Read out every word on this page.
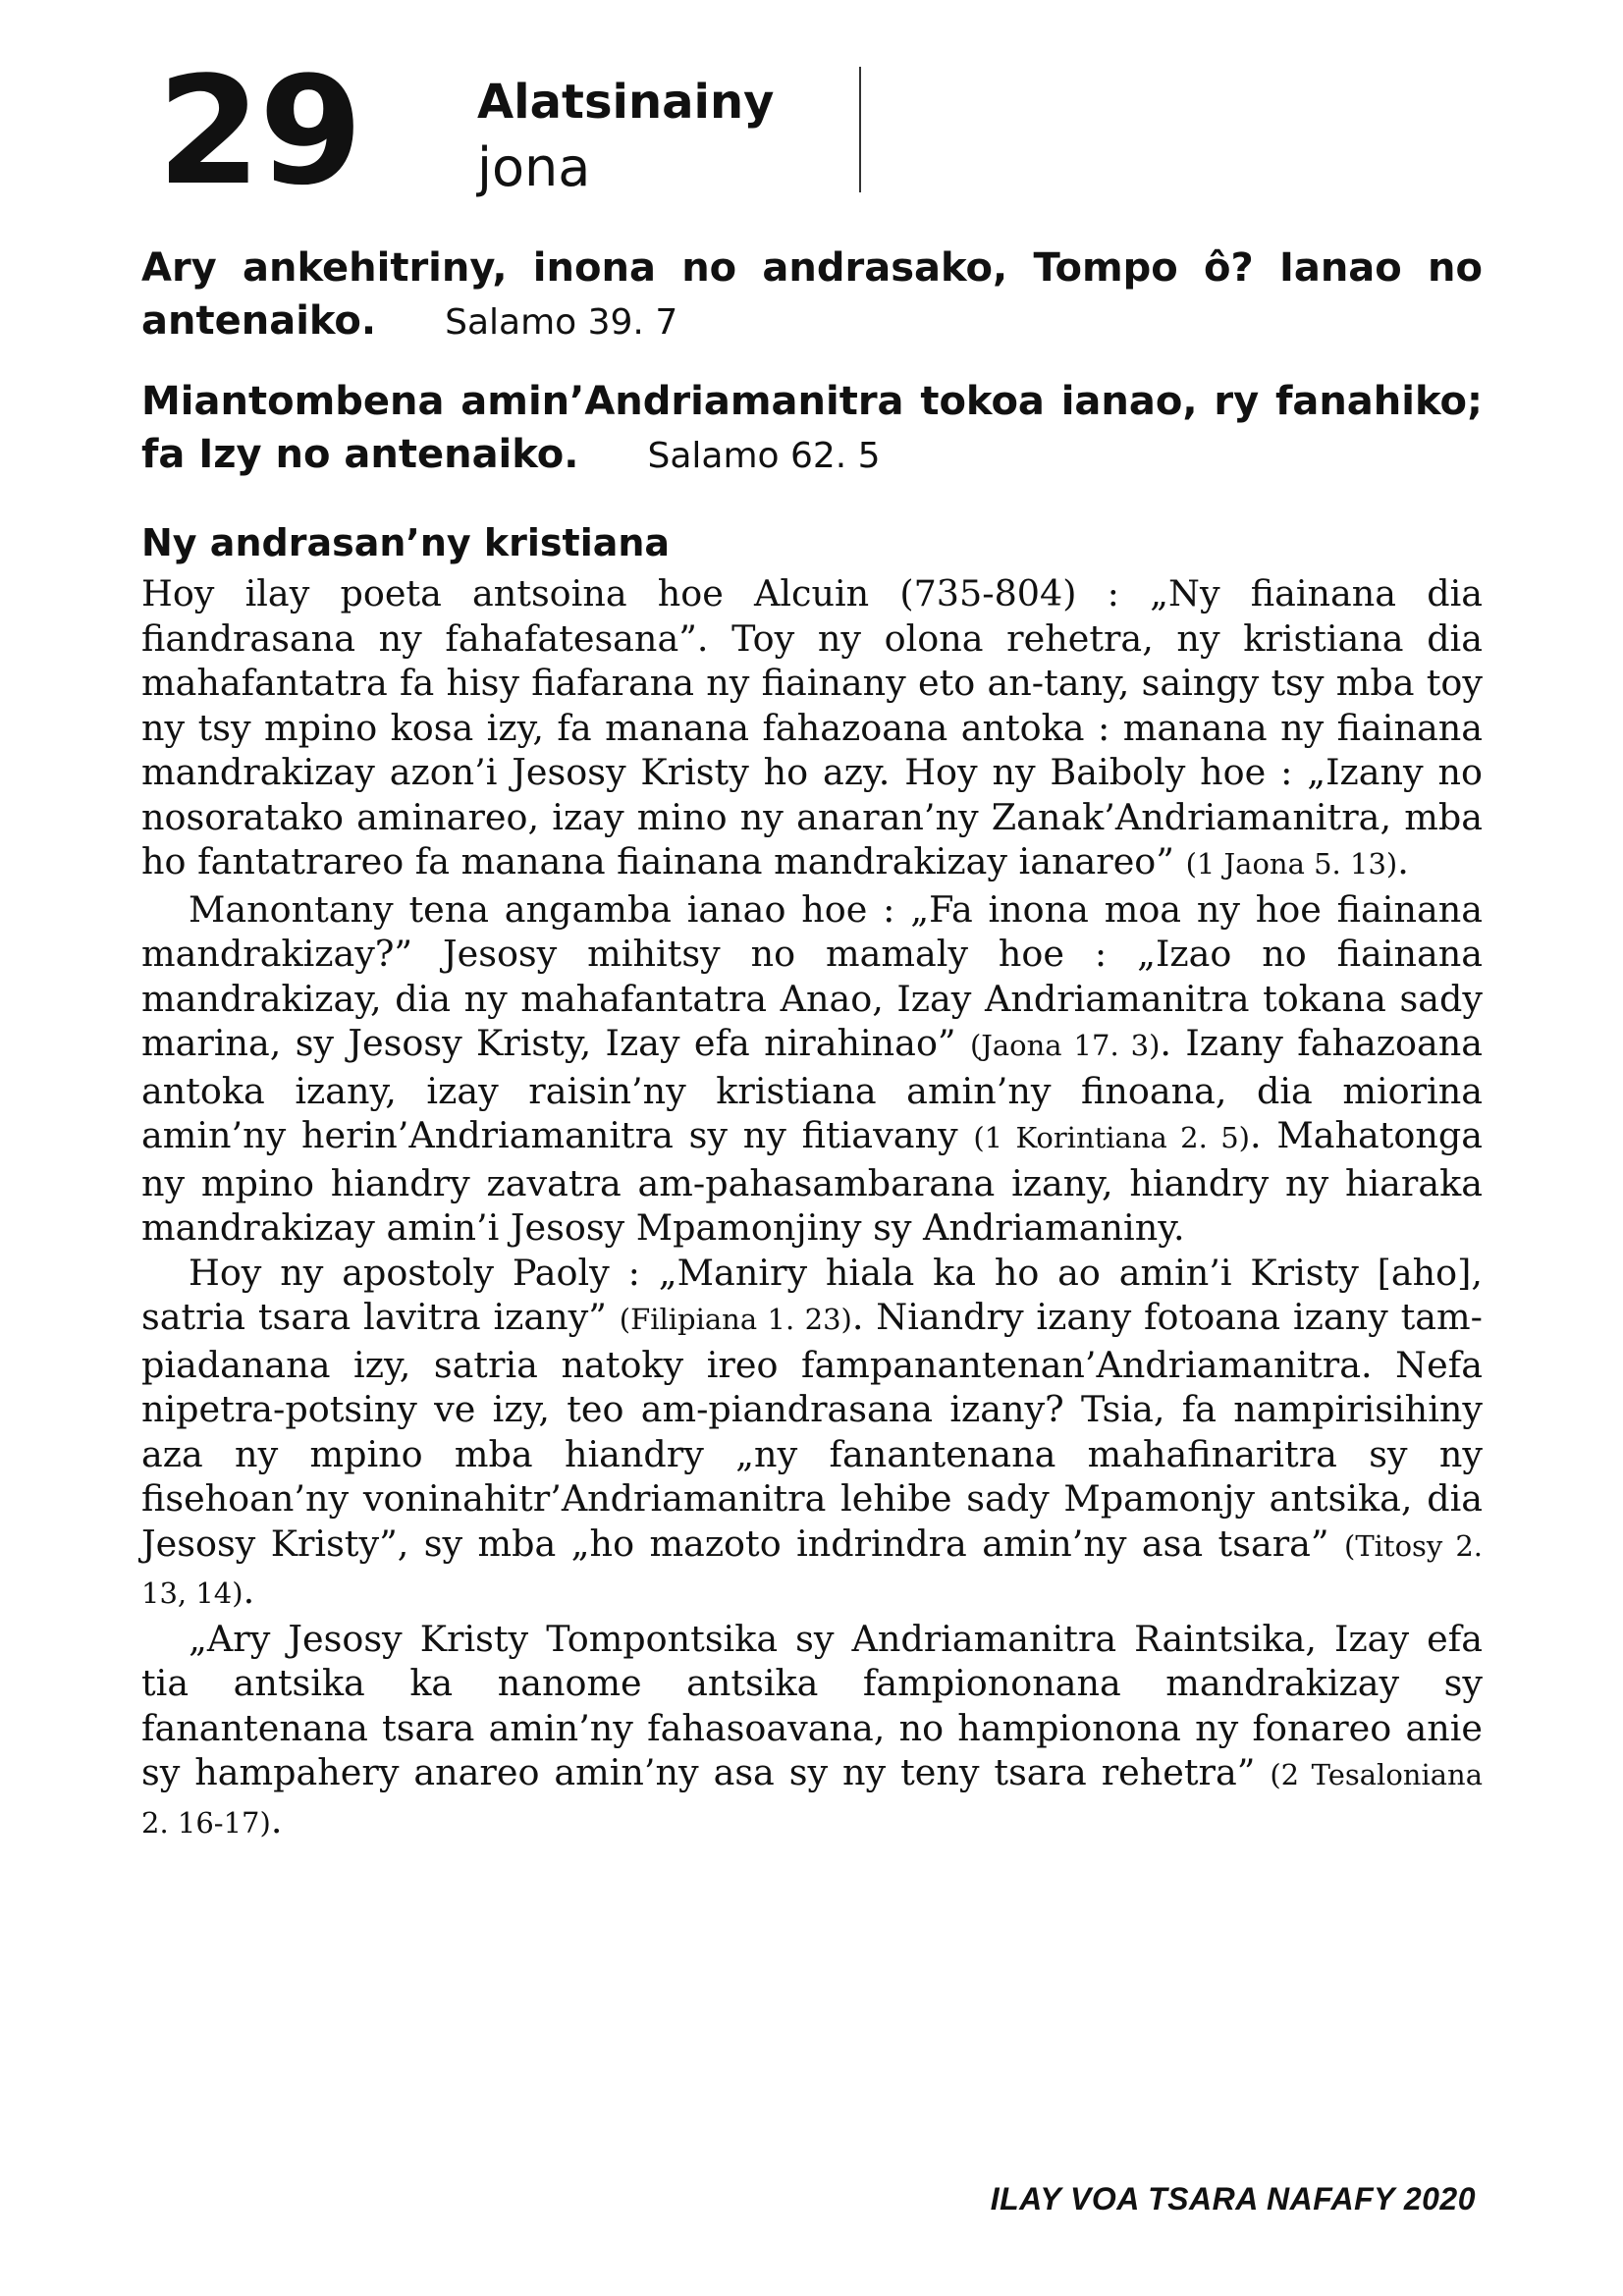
29 Alatsinainy
jona
Ary ankehitriny, inona no andrasako, Tompo ô? Ianao no antenaiko. Salamo 39. 7
Miantombena amin’Andriamanitra tokoa ianao, ry fanahiko; fa Izy no antenaiko. Salamo 62. 5
Ny andrasan’ny kristiana

Hoy ilay poeta antsoina hoe Alcuin (735-804) : „Ny fiainana dia fiandrasana ny fahafatesana”. Toy ny olona rehetra, ny kristiana dia mahafantatra fa hisy fiafarana ny fiainany eto an-tany, saingy tsy mba toy ny tsy mpino kosa izy, fa manana fahazoana antoka : manana ny fiainana mandrakizay azon’i Jesosy Kristy ho azy. Hoy ny Baiboly hoe : „Izany no nosoratako aminareo, izay mino ny anaran’ny Zanak’Andriamanitra, mba ho fantatrareo fa manana fiainana mandrakizay ianareo” (1 Jaona 5. 13).

Manontany tena angamba ianao hoe : „Fa inona moa ny hoe fiainana mandrakizay?” Jesosy mihitsy no mamaly hoe : „Izao no fiainana mandrakizay, dia ny mahafantatra Anao, Izay Andriamanitra tokana sady marina, sy Jesosy Kristy, Izay efa nirahinao” (Jaona 17. 3). Izany fahazoana antoka izany, izay raisin’ny kristiana amin’ny finoana, dia miorina amin’ny herin’Andriamanitra sy ny fitiavany (1 Korintiana 2. 5). Mahatonga ny mpino hiandry zavatra am-pahasambarana izany, hiandry ny hiaraka mandrakizay amin’i Jesosy Mpamonjiny sy Andriamaniny.

Hoy ny apostoly Paoly : „Maniry hiala ka ho ao amin’i Kristy [aho], satria tsara lavitra izany” (Filipiana 1. 23). Niandry izany fotoana izany tam-piadanana izy, satria natoky ireo fampanantenan’Andriamanitra. Nefa nipetra-potsiny ve izy, teo am-piandrasana izany? Tsia, fa nampirisihiny aza ny mpino mba hiandry „ny fanantenana mahafinaritra sy ny fisehoan’ny voninahitr’Andriamanitra lehibe sady Mpamonjy antsika, dia Jesosy Kristy”, sy mba „ho mazoto indrindra amin’ny asa tsara” (Titosy 2. 13, 14).

„Ary Jesosy Kristy Tompontsika sy Andriamanitra Raintsika, Izay efa tia antsika ka nanome antsika fampiononana mandrakizay sy fanantenana tsara amin’ny fahasoavana, no hampionona ny fonareo anie sy hampahery anareo amin’ny asa sy ny teny tsara rehetra” (2 Tesaloniana 2. 16-17).

ILAY VOA TSARA NAFAFY 2020
